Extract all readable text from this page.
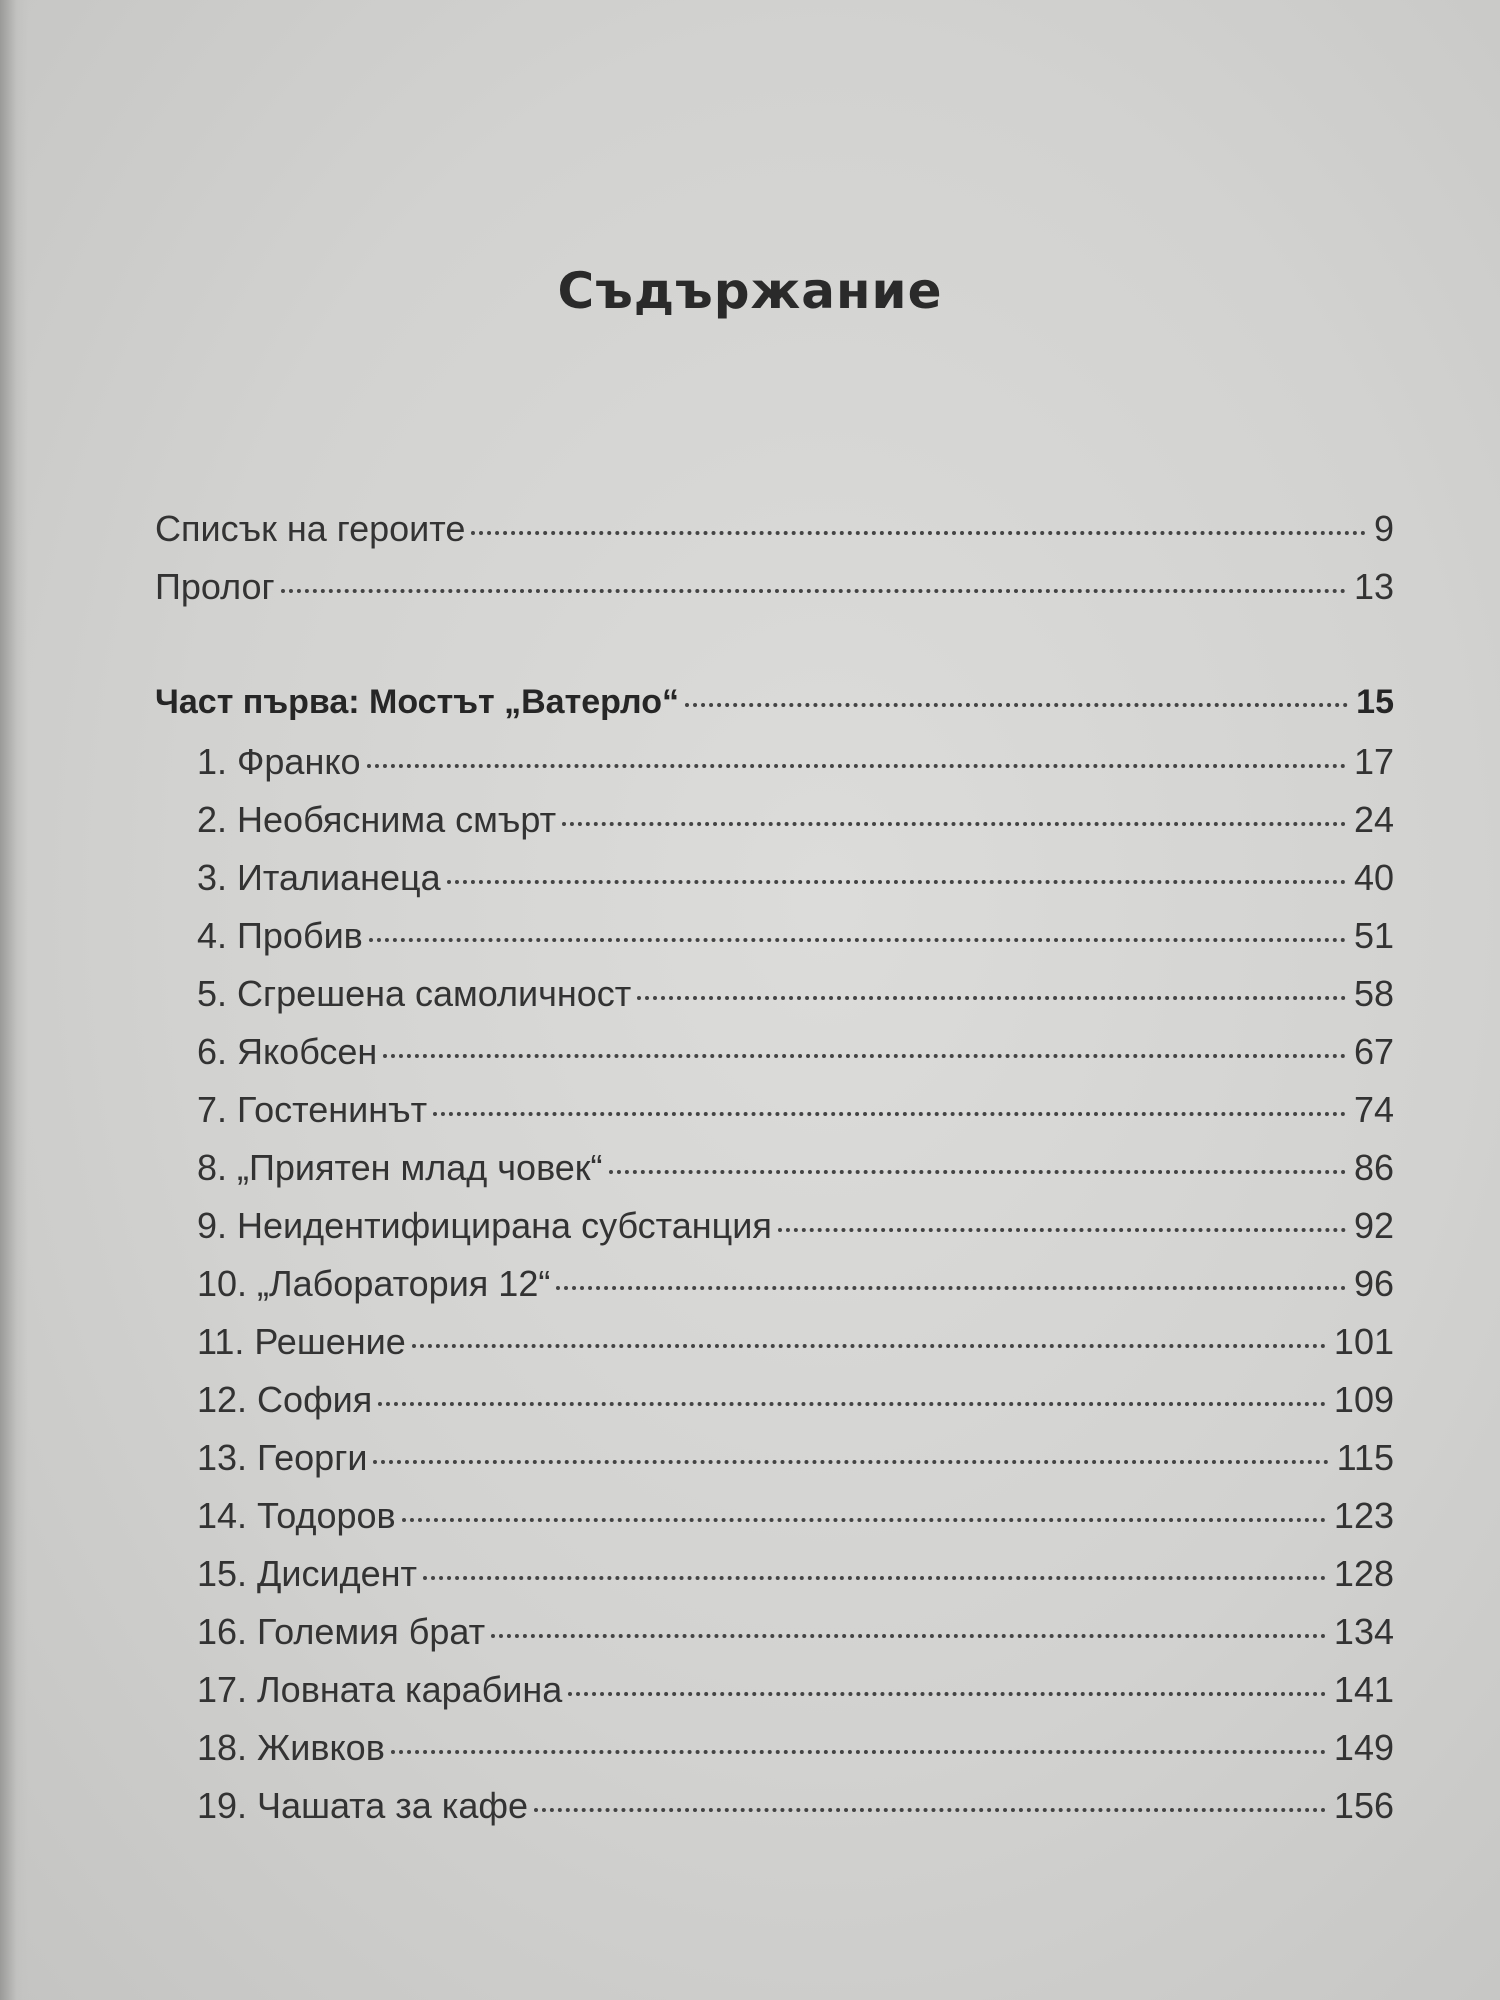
Съдържание
Списък на героите	9
Пролог	13
Част първа: Мостът „Ватерло“	15
1. Франко	17
2. Необяснима смърт	24
3. Италианеца	40
4. Пробив	51
5. Сгрешена самоличност	58
6. Якобсен	67
7. Гостенинът	74
8. „Приятен млад човек“	86
9. Неидентифицирана субстанция	92
10. „Лаборатория 12“	96
11. Решение	101
12. София	109
13. Георги	115
14. Тодоров	123
15. Дисидент	128
16. Големия брат	134
17. Ловната карабина	141
18. Живков	149
19. Чашата за кафе	156
